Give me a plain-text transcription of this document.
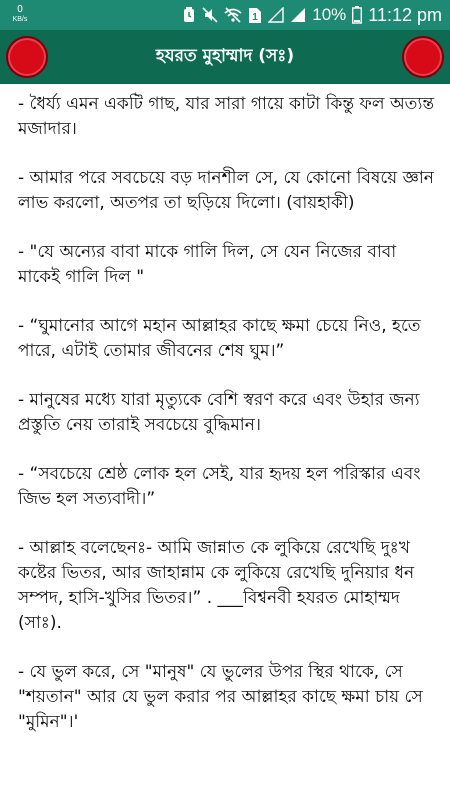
0
KB/s	1	10% 11:12 pm
হযরত মুহাম্মাদ (সঃ)

- ধৈর্য্য এমন একটি গাছ, যার সারা গায়ে কাটা কিন্তু ফল অত্যন্ত মজাদার।

- আমার পরে সবচেয়ে বড় দানশীল সে, যে কোনো বিষয়ে জ্ঞান লাভ করলো, অতপর তা ছড়িয়ে দিলো। (বায়হাকী)

- "যে অন্যের বাবা মাকে গালি দিল, সে যেন নিজের বাবা মাকেই গালি দিল "

- “ঘুমানোর আগে মহান আল্লাহর কাছে ক্ষমা চেয়ে নিও, হতে পারে, এটাই তোমার জীবনের শেষ ঘুম।”

- মানুষের মধ্যে যারা মৃত্যুকে বেশি স্বরণ করে এবং উহার জন্য প্রস্তুতি নেয় তারাই সবচেয়ে বুদ্ধিমান।

- “সবচেয়ে শ্রেষ্ঠ লোক হল সেই, যার হৃদয় হল পরিস্কার এবং জিভ হল সত্যবাদী।”

- আল্লাহ বলেছেনঃ- আমি জান্নাত কে লুকিয়ে রেখেছি দুঃখ কষ্টের ভিতর, আর জাহান্নাম কে লুকিয়ে রেখেছি দুনিয়ার ধন সম্পদ, হাসি-খুসির ভিতর।” . ___বিশ্বনবী হযরত মোহাম্মদ (সাঃ).

- যে ভুল করে, সে "মানুষ" যে ভুলের উপর স্থির থাকে, সে "শয়তান" আর যে ভুল করার পর আল্লাহর কাছে ক্ষমা চায় সে "মুমিন"।'
